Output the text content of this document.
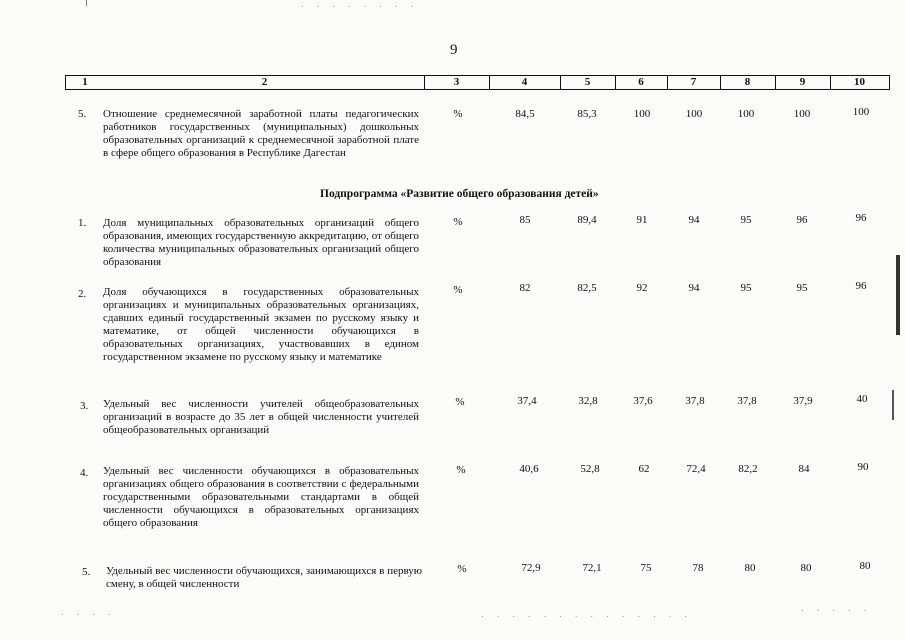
9
1	2	3	4	5	6	7	8	9	10
5. Отношение среднемесячной заработной платы педагогических работников государственных (муниципальных) дошкольных образовательных организаций к среднемесячной заработной плате в сфере общего образования в Республике Дагестан
%	84,5	85,3	100	100	100	100	100
Подпрограмма «Развитие общего образования детей»
1. Доля муниципальных образовательных организаций общего образования, имеющих государственную аккредитацию, от общего количества муниципальных образовательных организаций общего образования
%	85	89,4	91	94	95	96	96
2. Доля обучающихся в государственных образовательных организациях и муниципальных образовательных организациях, сдавших единый государственный экзамен по русскому языку и математике, от общей численности обучающихся в образовательных организациях, участвовавших в едином государственном экзамене по русскому языку и математике
%	82	82,5	92	94	95	95	96
3. Удельный вес численности учителей общеобразовательных организаций в возрасте до 35 лет в общей численности учителей общеобразовательных организаций
%	37,4	32,8	37,6	37,8	37,8	37,9	40
4. Удельный вес численности обучающихся в образовательных организациях общего образования в соответствии с федеральными государственными образовательными стандартами в общей численности обучающихся в образовательных организациях общего образования
%	40,6	52,8	62	72,4	82,2	84	90
5. Удельный вес численности обучающихся, занимающихся в первую смену, в общей численности
%	72,9	72,1	75	78	80	80	80
· · · · · · · ·
· · · ·	· · · · · · · · · · · · · ·
· · · · ·
